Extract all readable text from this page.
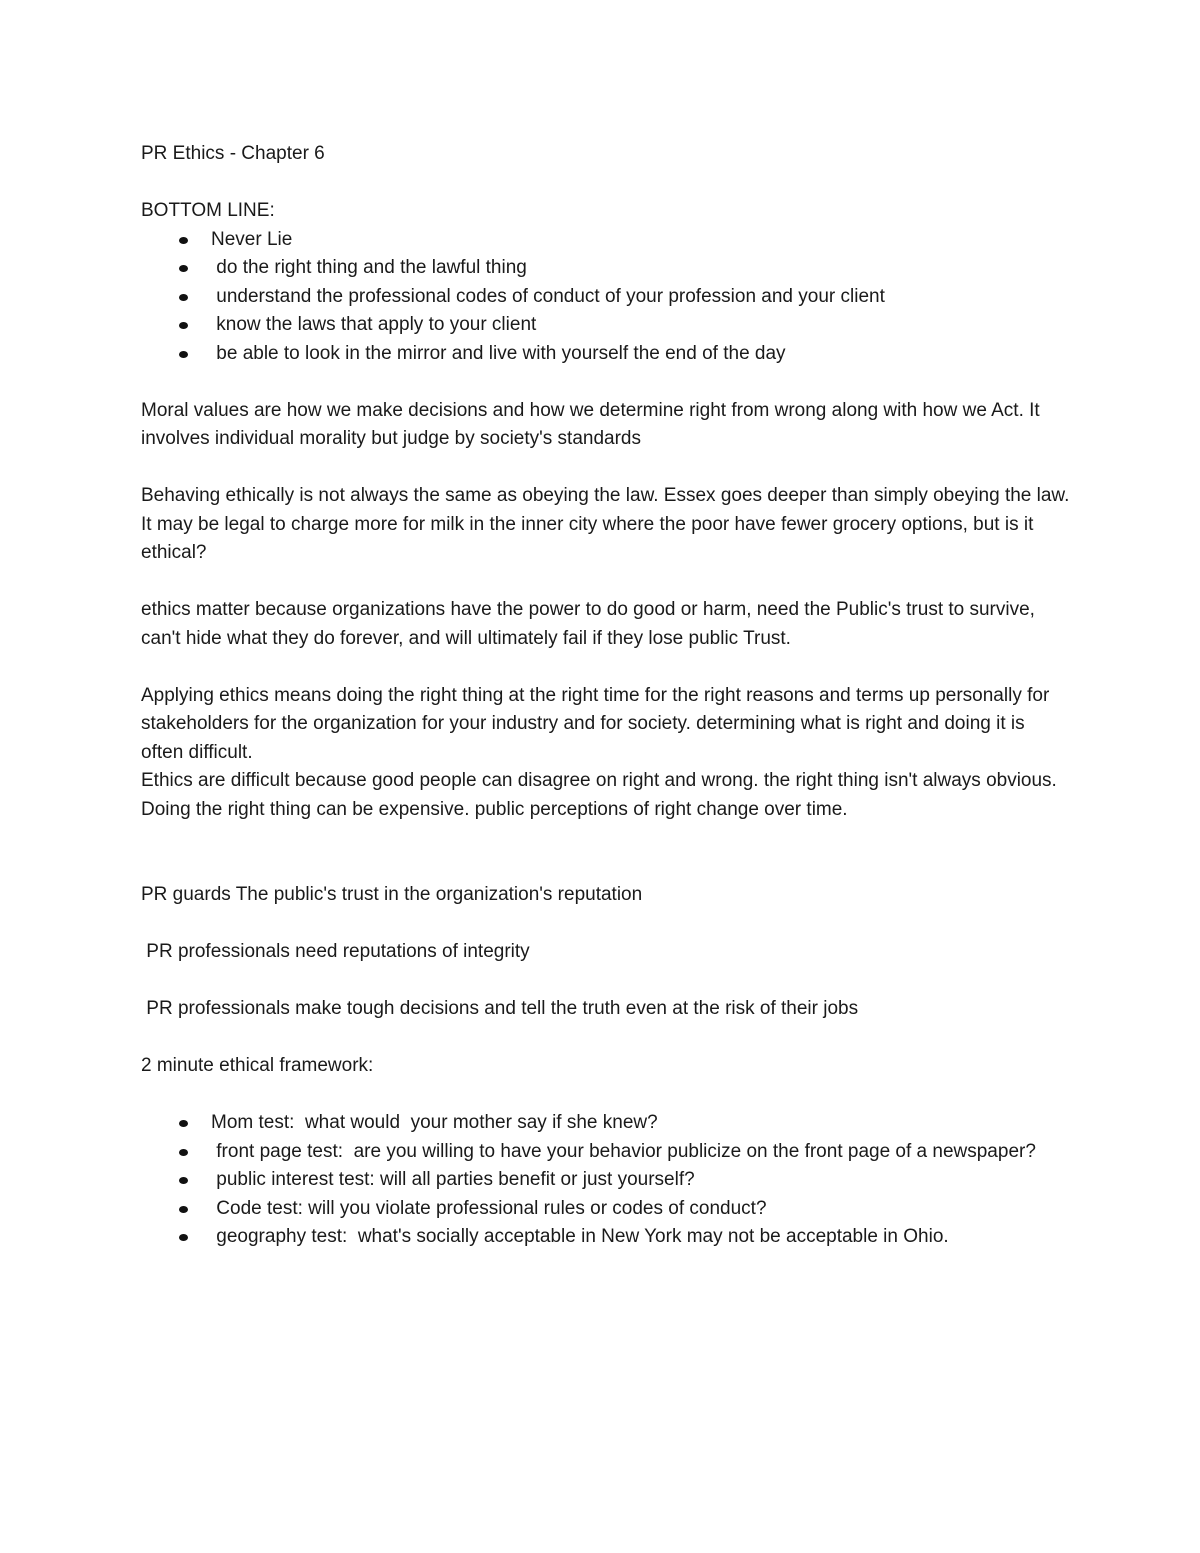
PR Ethics - Chapter 6
BOTTOM LINE:
Never Lie
do the right thing and the lawful thing
understand the professional codes of conduct of your profession and your client
know the laws that apply to your client
be able to look in the mirror and live with yourself the end of the day
Moral values are how we make decisions and how we determine right from wrong along with how we Act. It involves individual morality but judge by society's standards
Behaving ethically is not always the same as obeying the law. Essex goes deeper than simply obeying the law. It may be legal to charge more for milk in the inner city where the poor have fewer grocery options, but is it ethical?
ethics matter because organizations have the power to do good or harm, need the Public's trust to survive, can't hide what they do forever, and will ultimately fail if they lose public Trust.
Applying ethics means doing the right thing at the right time for the right reasons and terms up personally for stakeholders for the organization for your industry and for society. determining what is right and doing it is often difficult.
Ethics are difficult because good people can disagree on right and wrong. the right thing isn't always obvious. Doing the right thing can be expensive. public perceptions of right change over time.
PR guards The public's trust in the organization's reputation
PR professionals need reputations of integrity
PR professionals make tough decisions and tell the truth even at the risk of their jobs
2 minute ethical framework:
Mom test:  what would  your mother say if she knew?
front page test:  are you willing to have your behavior publicize on the front page of a newspaper?
public interest test: will all parties benefit or just yourself?
Code test: will you violate professional rules or codes of conduct?
geography test:  what's socially acceptable in New York may not be acceptable in Ohio.
